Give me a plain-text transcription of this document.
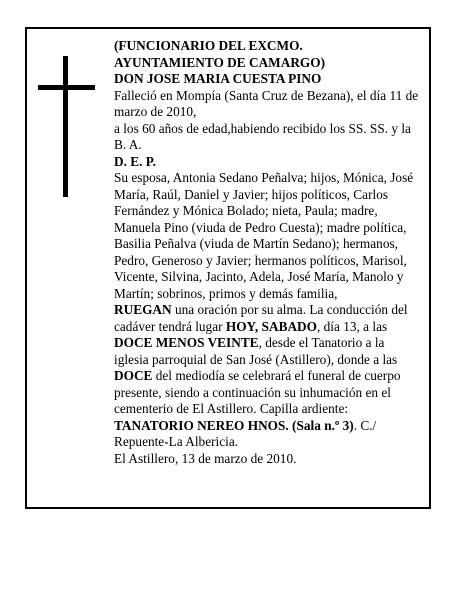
(FUNCIONARIO DEL EXCMO.

AYUNTAMIENTO DE CAMARGO)

DON JOSE MARIA CUESTA PINO

Falleció en Mompía (Santa Cruz de Bezana), el día 11 de marzo de 2010,

a los 60 años de edad,habiendo recibido los SS. SS. y la B. A.

D. E. P.

Su esposa, Antonia Sedano Peñalva; hijos, Mónica, José María, Raúl, Daniel y Javier; hijos políticos, Carlos Fernández y Mónica Bolado; nieta, Paula; madre, Manuela Pino (viuda de Pedro Cuesta); madre política, Basilia Peñalva (viuda de Martín Sedano); hermanos, Pedro, Generoso y Javier; hermanos políticos, Marisol, Vicente, Silvina, Jacinto, Adela, José María, Manolo y Martín; sobrinos, primos y demás familia,

RUEGAN una oración por su alma. La conducción del cadáver tendrá lugar HOY, SABADO, día 13, a las DOCE MENOS VEINTE, desde el Tanatorio a la iglesia parroquial de San José (Astillero), donde a las DOCE del mediodía se celebrará el funeral de cuerpo presente, siendo a continuación su inhumación en el cementerio de El Astillero. Capilla ardiente: TANATORIO NEREO HNOS. (Sala n.º 3). C./ Repuente-La Albericia.

El Astillero, 13 de marzo de 2010.
